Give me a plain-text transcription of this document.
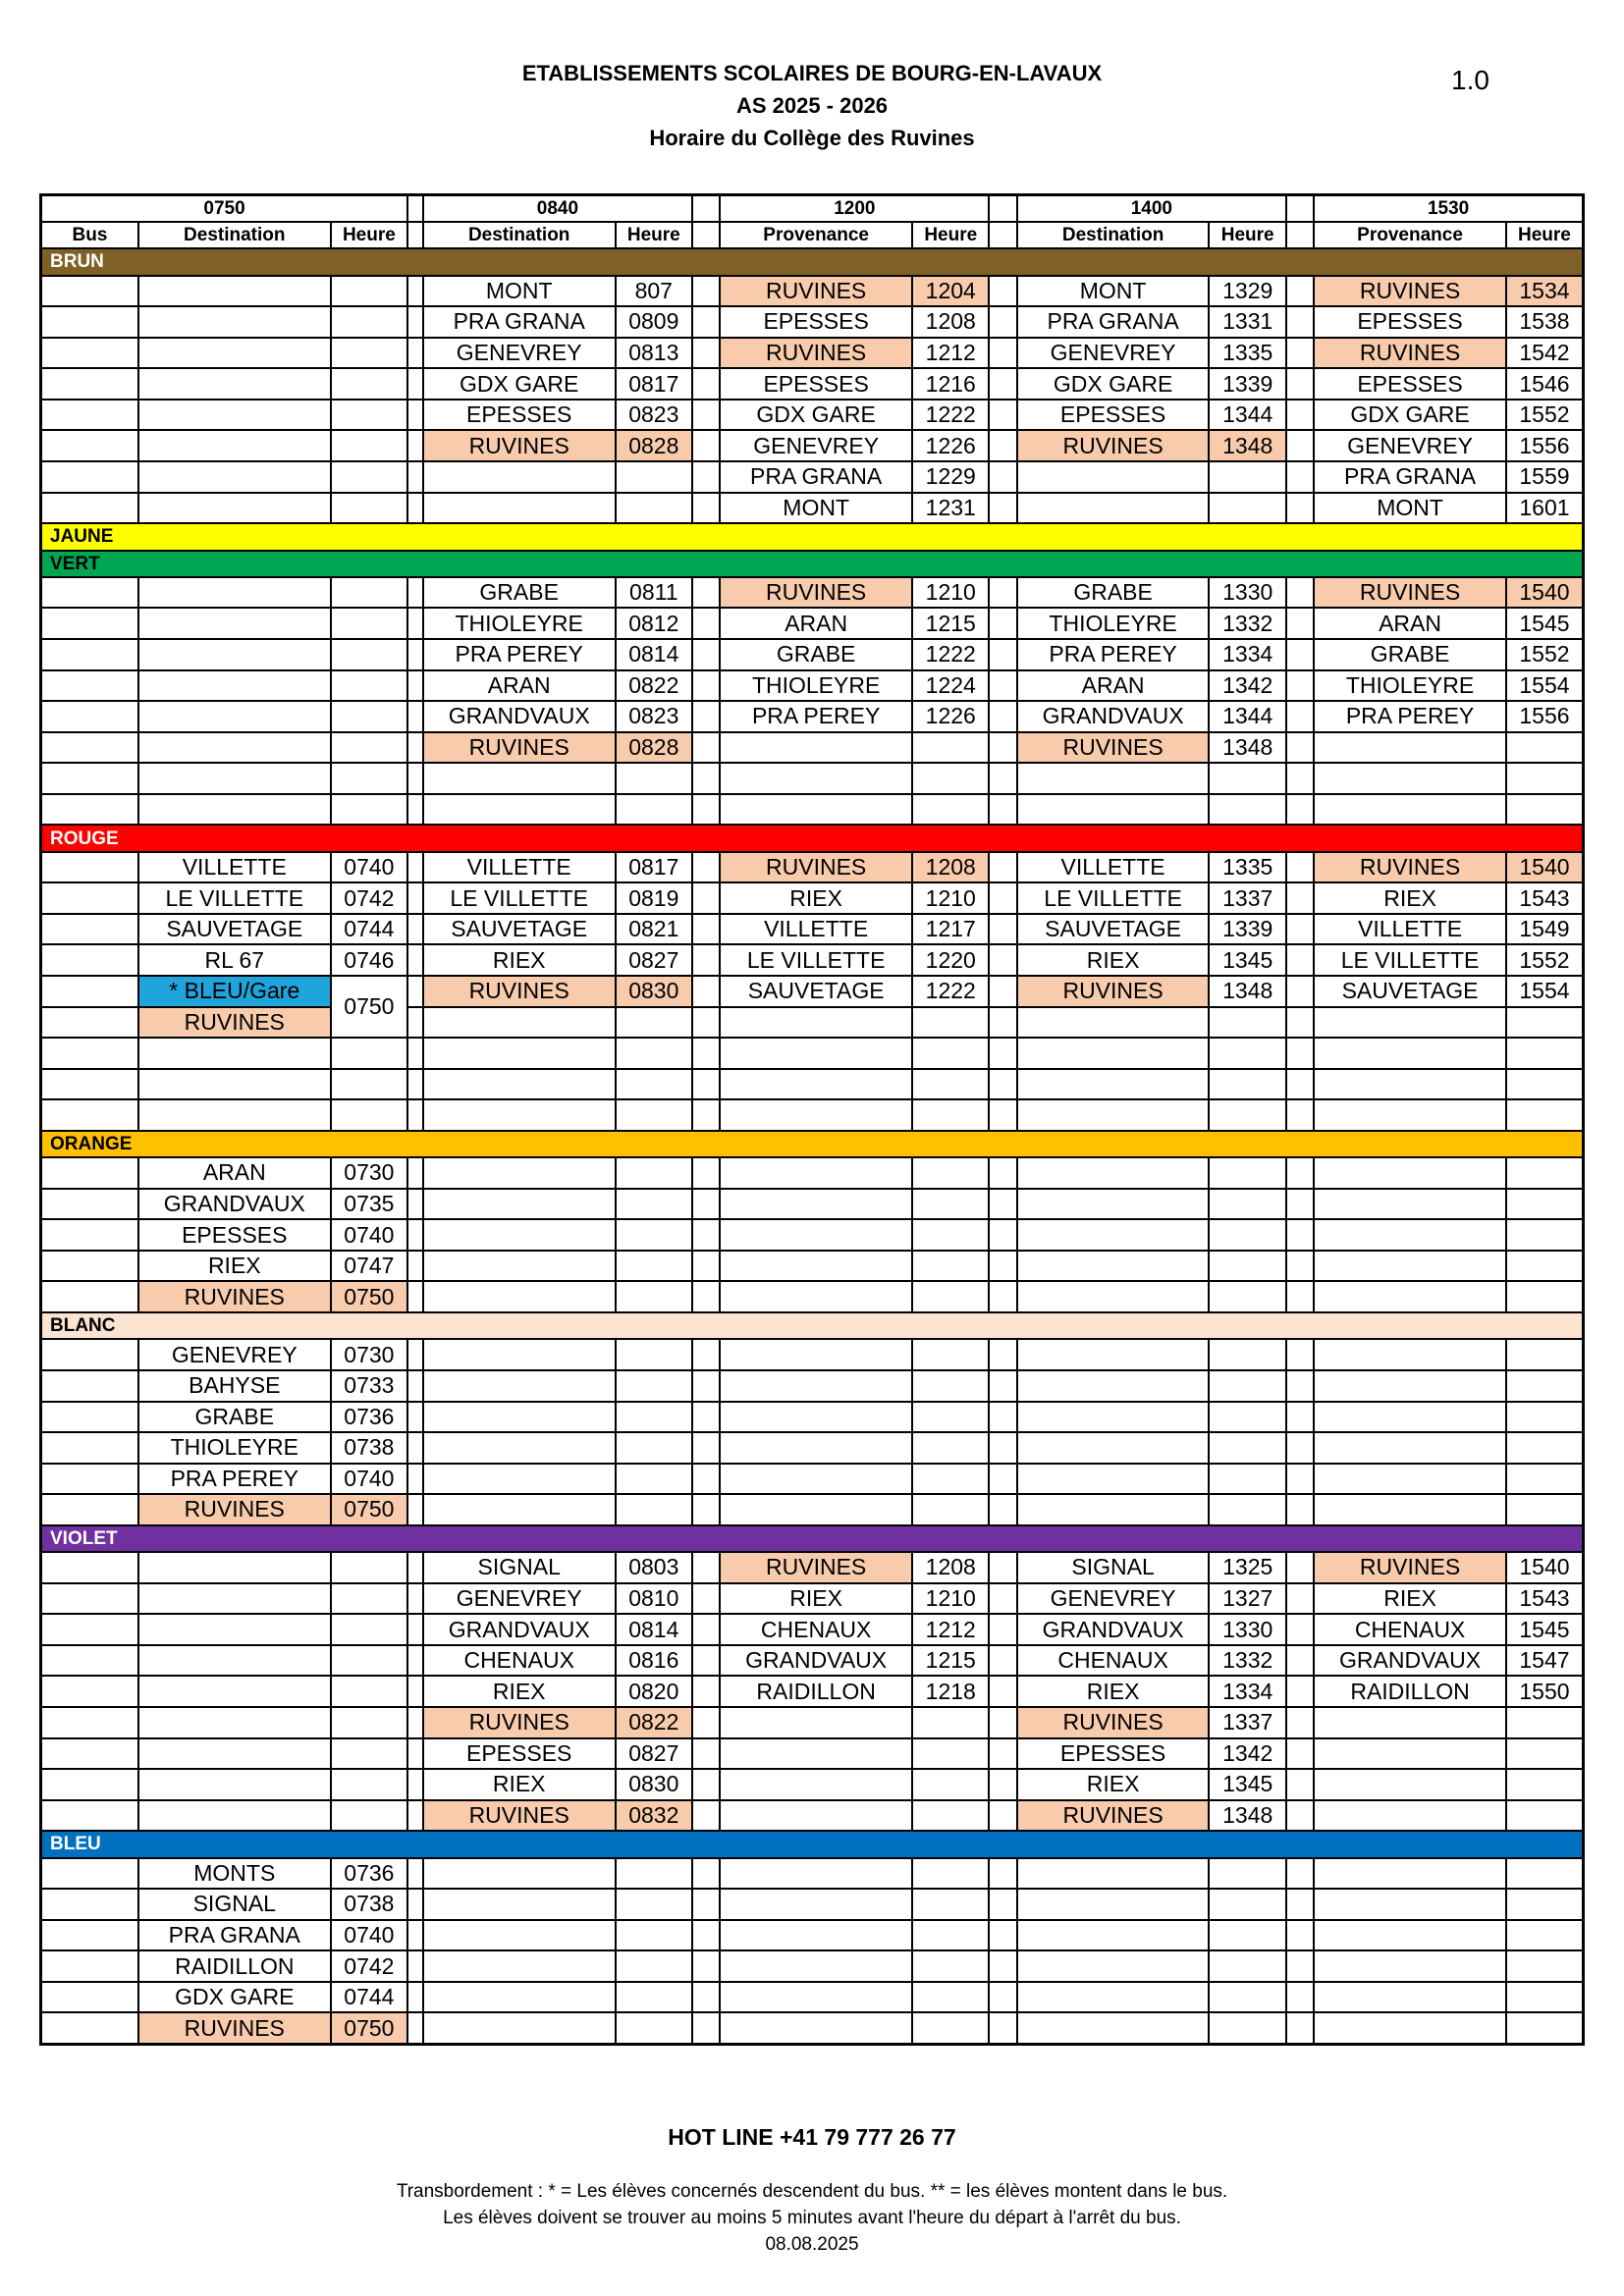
ETABLISSEMENTS SCOLAIRES DE BOURG-EN-LAVAUX
AS 2025 - 2026
Horaire du Collège des Ruvines
1.0
0750				0840			1200			1400			1530	
Bus	Destination	Heure		Destination	Heure		Provenance	Heure		Destination	Heure		Provenance	Heure
BRUN														
				MONT	807		RUVINES	1204		MONT	1329		RUVINES	1534
				PRA GRANA	0809		EPESSES	1208		PRA GRANA	1331		EPESSES	1538
				GENEVREY	0813		RUVINES	1212		GENEVREY	1335		RUVINES	1542
				GDX GARE	0817		EPESSES	1216		GDX GARE	1339		EPESSES	1546
				EPESSES	0823		GDX GARE	1222		EPESSES	1344		GDX GARE	1552
				RUVINES	0828		GENEVREY	1226		RUVINES	1348		GENEVREY	1556
							PRA GRANA	1229					PRA GRANA	1559
							MONT	1231					MONT	1601
JAUNE														
VERT														
				GRABE	0811		RUVINES	1210		GRABE	1330		RUVINES	1540
				THIOLEYRE	0812		ARAN	1215		THIOLEYRE	1332		ARAN	1545
				PRA PEREY	0814		GRABE	1222		PRA PEREY	1334		GRABE	1552
				ARAN	0822		THIOLEYRE	1224		ARAN	1342		THIOLEYRE	1554
				GRANDVAUX	0823		PRA PEREY	1226		GRANDVAUX	1344		PRA PEREY	1556
				RUVINES	0828					RUVINES	1348			

ROUGE														
	VILLETTE	0740		VILLETTE	0817		RUVINES	1208		VILLETTE	1335		RUVINES	1540
	LE VILLETTE	0742		LE VILLETTE	0819		RIEX	1210		LE VILLETTE	1337		RIEX	1543
	SAUVETAGE	0744		SAUVETAGE	0821		VILLETTE	1217		SAUVETAGE	1339		VILLETTE	1549
	RL 67	0746		RIEX	0827		LE VILLETTE	1220		RIEX	1345		LE VILLETTE	1552
	* BLEU/Gare	0750		RUVINES	0830		SAUVETAGE	1222		RUVINES	1348		SAUVETAGE	1554
	RUVINES													

ORANGE														
	ARAN	0730												
	GRANDVAUX	0735												
	EPESSES	0740												
	RIEX	0747												
	RUVINES	0750												
BLANC														
	GENEVREY	0730												
	BAHYSE	0733												
	GRABE	0736												
	THIOLEYRE	0738												
	PRA PEREY	0740												
	RUVINES	0750												
VIOLET														
				SIGNAL	0803		RUVINES	1208		SIGNAL	1325		RUVINES	1540
				GENEVREY	0810		RIEX	1210		GENEVREY	1327		RIEX	1543
				GRANDVAUX	0814		CHENAUX	1212		GRANDVAUX	1330		CHENAUX	1545
				CHENAUX	0816		GRANDVAUX	1215		CHENAUX	1332		GRANDVAUX	1547
				RIEX	0820		RAIDILLON	1218		RIEX	1334		RAIDILLON	1550
				RUVINES	0822					RUVINES	1337			
				EPESSES	0827					EPESSES	1342			
				RIEX	0830					RIEX	1345			
				RUVINES	0832					RUVINES	1348			
BLEU														
	MONTS	0736												
	SIGNAL	0738												
	PRA GRANA	0740												
	RAIDILLON	0742												
	GDX GARE	0744												
	RUVINES	0750												
HOT LINE +41 79 777 26 77
Transbordement : * = Les élèves concernés descendent du bus. ** = les élèves montent dans le bus.
Les élèves doivent se trouver au moins 5 minutes avant l'heure du départ à l'arrêt du bus.
08.08.2025
